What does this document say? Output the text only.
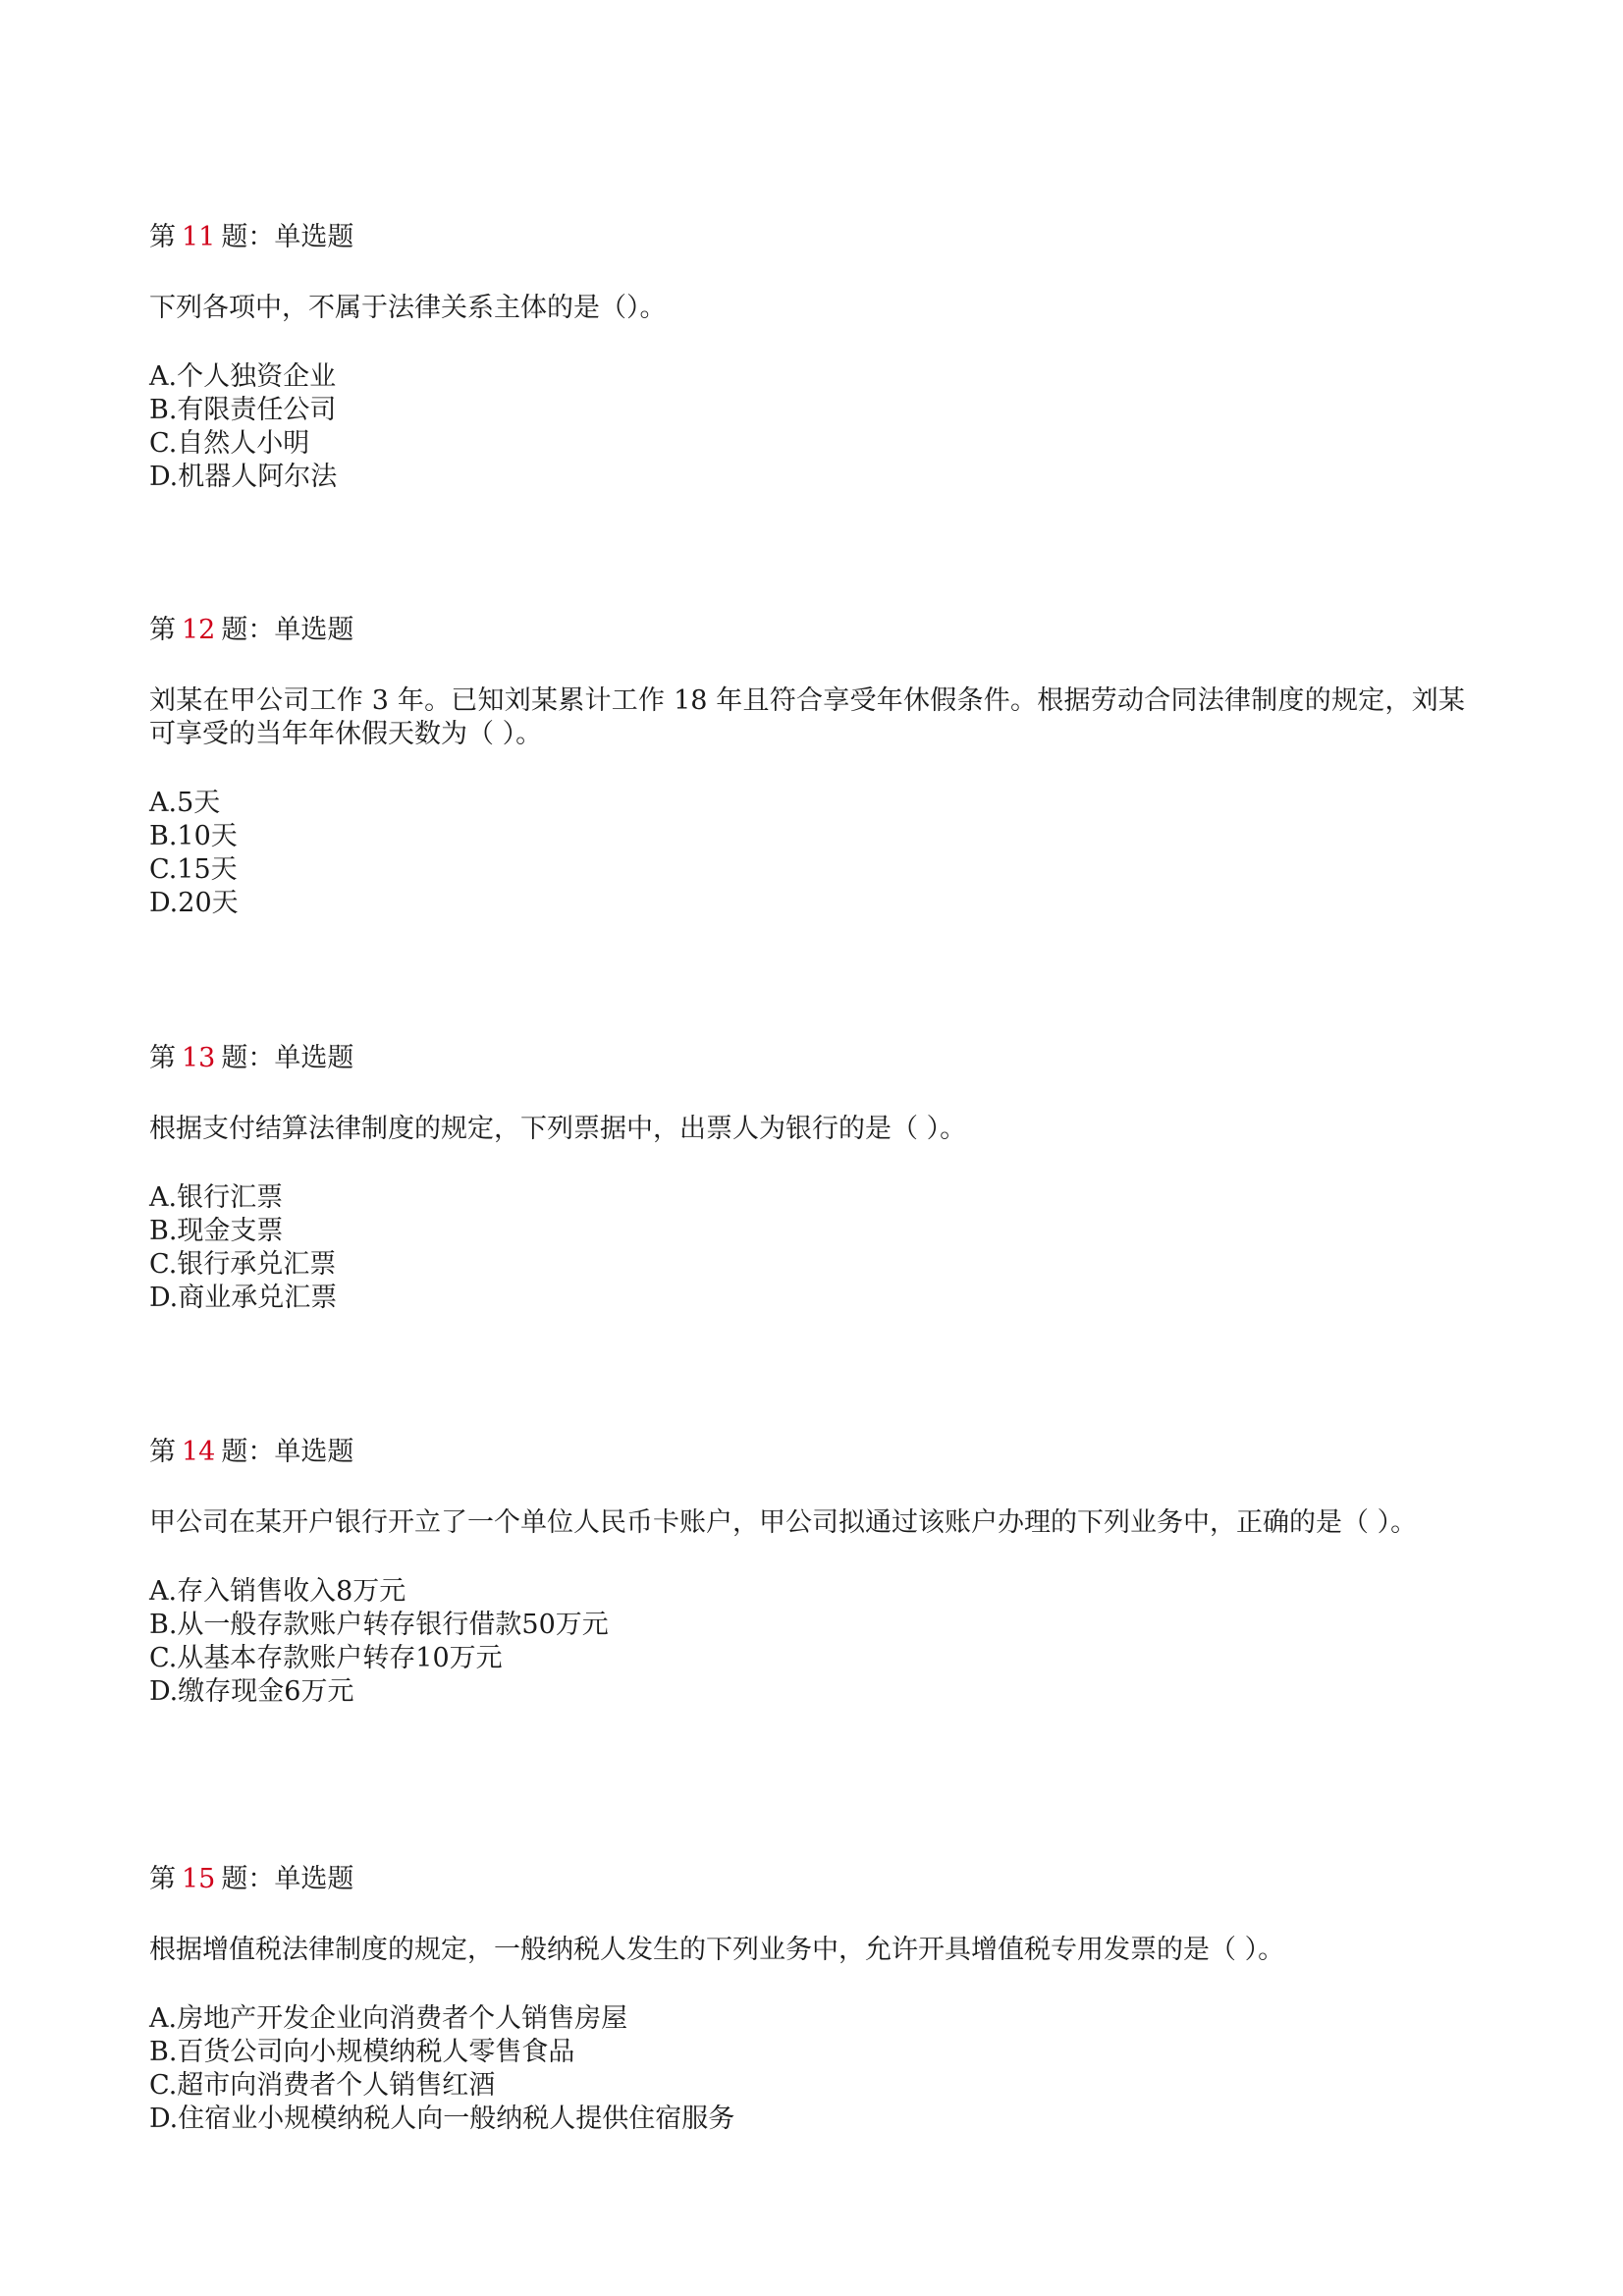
第 11 题：单选题

下列各项中，不属于法律关系主体的是（）。

A.个人独资企业
B.有限责任公司
C.自然人小明
D.机器人阿尔法

第 12 题：单选题

刘某在甲公司工作 3 年。已知刘某累计工作 18 年且符合享受年休假条件。根据劳动合同法律制度的规定，刘某可享受的当年年休假天数为（ ）。

A.5天
B.10天
C.15天
D.20天

第 13 题：单选题

根据支付结算法律制度的规定，下列票据中，出票人为银行的是（ ）。

A.银行汇票
B.现金支票
C.银行承兑汇票
D.商业承兑汇票

第 14 题：单选题

甲公司在某开户银行开立了一个单位人民币卡账户，甲公司拟通过该账户办理的下列业务中，正确的是（ ）。

A.存入销售收入8万元
B.从一般存款账户转存银行借款50万元
C.从基本存款账户转存10万元
D.缴存现金6万元

第 15 题：单选题

根据增值税法律制度的规定，一般纳税人发生的下列业务中，允许开具增值税专用发票的是（ ）。

A.房地产开发企业向消费者个人销售房屋
B.百货公司向小规模纳税人零售食品
C.超市向消费者个人销售红酒
D.住宿业小规模纳税人向一般纳税人提供住宿服务
